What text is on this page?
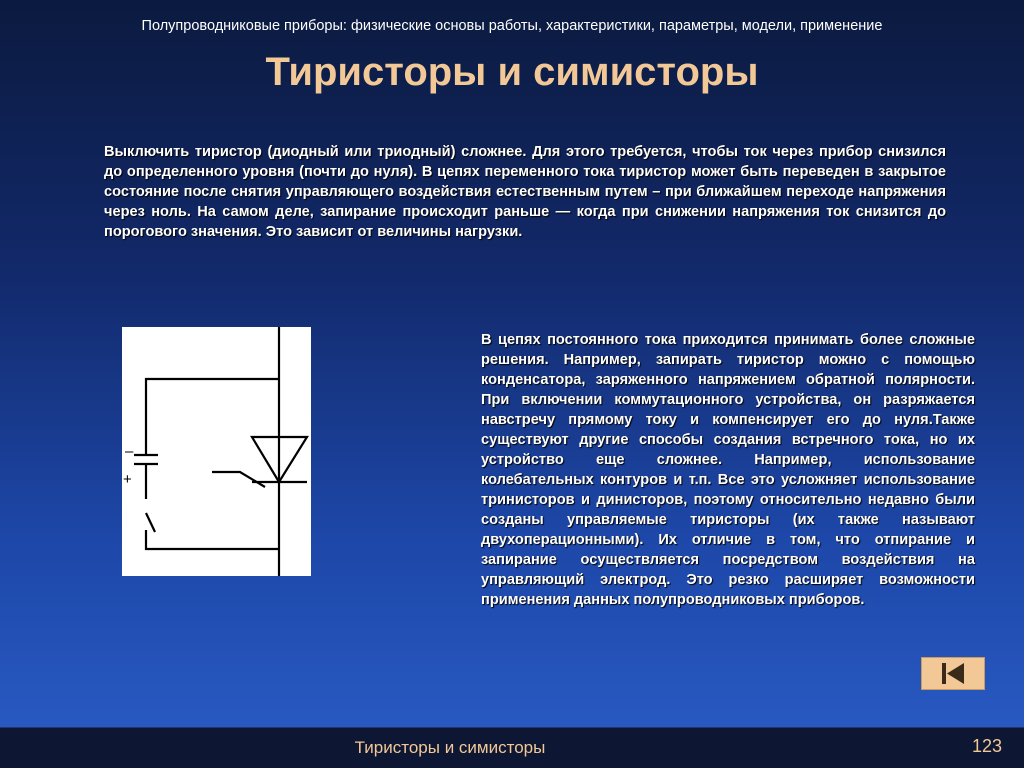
Полупроводниковые приборы: физические основы работы, характеристики, параметры, модели, применение
Тиристоры и симисторы

Выключить тиристор (диодный или триодный) сложнее. Для этого требуется, чтобы ток через прибор снизился до определенного уровня (почти до нуля). В цепях переменного тока тиристор может быть переведен в закрытое состояние после снятия управляющего воздействия естественным путем – при ближайшем переходе напряжения через ноль. На самом деле, запирание происходит раньше — когда при снижении напряжения ток снизится до порогового значения. Это зависит от величины нагрузки.

–
+

В цепях постоянного тока приходится принимать более сложные решения. Например, запирать тиристор можно с помощью конденсатора, заряженного напряжением обратной полярности. При включении коммутационного устройства, он разряжается навстречу прямому току и компенсирует его до нуля.Также существуют другие способы создания встречного тока, но их устройство еще сложнее. Например, использование колебательных контуров и т.п. Все это усложняет использование тринисторов и динисторов, поэтому относительно недавно были созданы управляемые тиристоры (их также называют двухоперационными). Их отличие в том, что отпирание и запирание осуществляется посредством воздействия на управляющий электрод. Это резко расширяет возможности применения данных полупроводниковых приборов.

Тиристоры и симисторы	123
